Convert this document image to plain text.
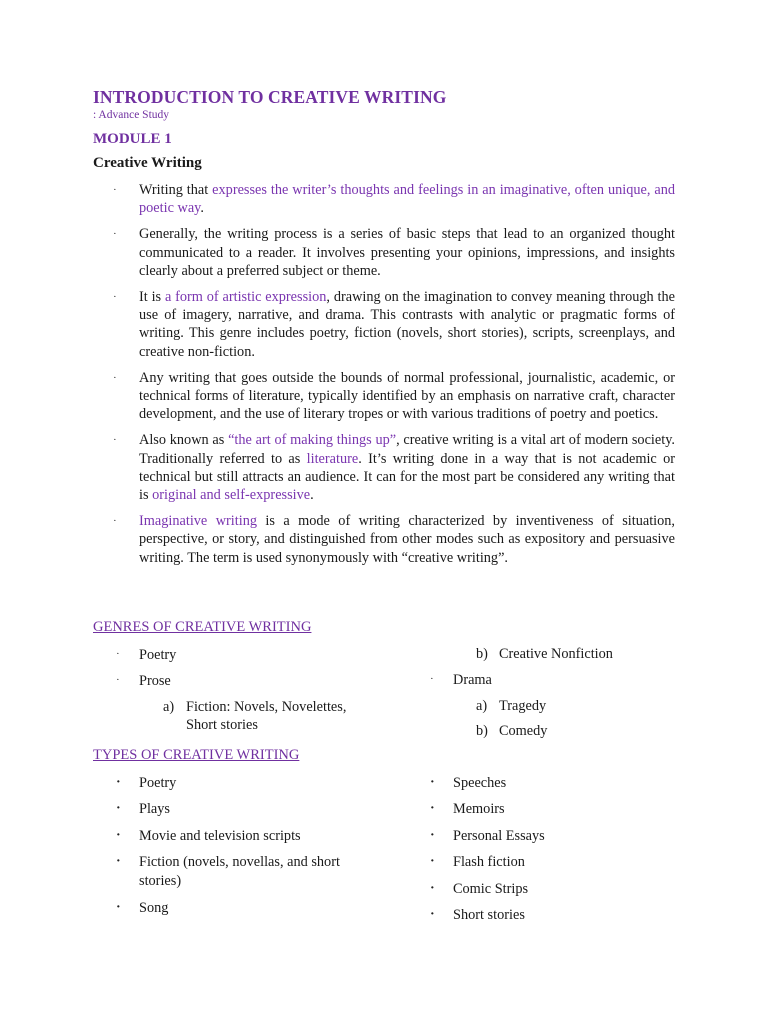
INTRODUCTION TO CREATIVE WRITING
: Advance Study
MODULE 1
Creative Writing

· Writing that expresses the writer’s thoughts and feelings in an imaginative, often unique, and poetic way.

· Generally, the writing process is a series of basic steps that lead to an organized thought communicated to a reader. It involves presenting your opinions, impressions, and insights clearly about a preferred subject or theme.

· It is a form of artistic expression, drawing on the imagination to convey meaning through the use of imagery, narrative, and drama. This contrasts with analytic or pragmatic forms of writing. This genre includes poetry, fiction (novels, short stories), scripts, screenplays, and creative non-fiction.

· Any writing that goes outside the bounds of normal professional, journalistic, academic, or technical forms of literature, typically identified by an emphasis on narrative craft, character development, and the use of literary tropes or with various traditions of poetry and poetics.

· Also known as “the art of making things up”, creative writing is a vital art of modern society. Traditionally referred to as literature. It’s writing done in a way that is not academic or technical but still attracts an audience. It can for the most part be considered any writing that is original and self-expressive.

· Imaginative writing is a mode of writing characterized by inventiveness of situation, perspective, or story, and distinguished from other modes such as expository and persuasive writing. The term is used synonymously with “creative writing”.

GENRES OF CREATIVE WRITING
· Poetry
· Prose
a) Fiction: Novels, Novelettes,
Short stories
b) Creative Nonfiction
· Drama
a) Tragedy
b) Comedy
TYPES OF CREATIVE WRITING
· Poetry
· Plays
· Movie and television scripts
· Fiction (novels, novellas, and short
stories)
· Song
· Speeches
· Memoirs
· Personal Essays
· Flash fiction
· Comic Strips
· Short stories
